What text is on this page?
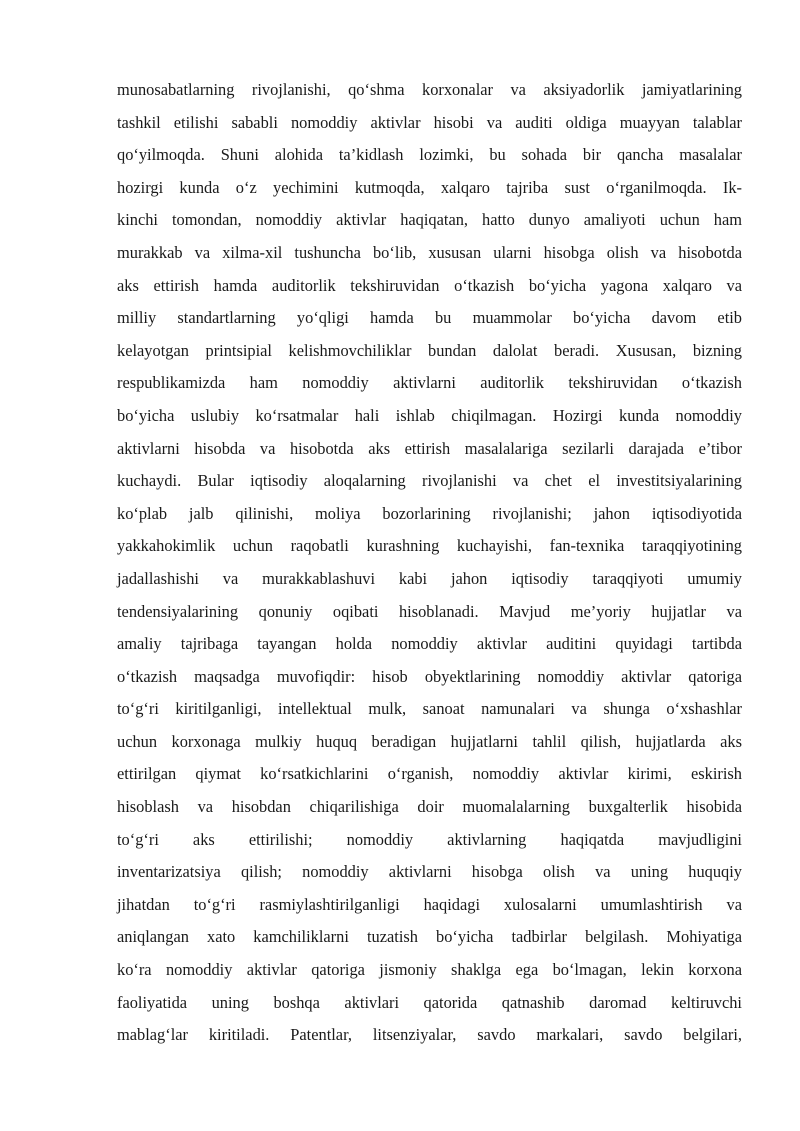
munosabatlarning rivojlanishi, qo‘shma korxonalar va aksiyadorlik jamiyatlarining
tashkil etilishi sababli nomoddiy aktivlar hisobi va auditi oldiga muayyan talablar
qo‘yilmoqda. Shuni alohida ta’kidlash lozimki, bu sohada bir qancha masalalar
hozirgi kunda o‘z yechimini kutmoqda, xalqaro tajriba sust o‘rganilmoqda. Ik-
kinchi tomondan, nomoddiy aktivlar haqiqatan, hatto dunyo amaliyoti uchun ham
murakkab va xilma-xil tushuncha bo‘lib, xususan ularni hisobga olish va hisobotda
aks ettirish hamda auditorlik tekshiruvidan o‘tkazish bo‘yicha yagona xalqaro va
milliy standartlarning yo‘qligi hamda bu muammolar bo‘yicha davom etib
kelayotgan printsipial kelishmovchiliklar bundan dalolat beradi. Xususan, bizning
respublikamizda ham nomoddiy aktivlarni auditorlik tekshiruvidan o‘tkazish
bo‘yicha uslubiy ko‘rsatmalar hali ishlab chiqilmagan. Hozirgi kunda nomoddiy
aktivlarni hisobda va hisobotda aks ettirish masalalariga sezilarli darajada e’tibor
kuchaydi. Bular iqtisodiy aloqalarning rivojlanishi va chet el investitsiyalarining
ko‘plab jalb qilinishi, moliya bozorlarining rivojlanishi; jahon iqtisodiyotida
yakkahokimlik uchun raqobatli kurashning kuchayishi, fan-texnika taraqqiyotining
jadallashishi va murakkablashuvi kabi jahon iqtisodiy taraqqiyoti umumiy
tendensiyalarining qonuniy oqibati hisoblanadi. Mavjud me’yoriy hujjatlar va
amaliy tajribaga tayangan holda nomoddiy aktivlar auditini quyidagi tartibda
o‘tkazish maqsadga muvofiqdir: hisob obyektlarining nomoddiy aktivlar qatoriga
to‘g‘ri kiritilganligi, intellektual mulk, sanoat namunalari va shunga o‘xshashlar
uchun korxonaga mulkiy huquq beradigan hujjatlarni tahlil qilish, hujjatlarda aks
ettirilgan qiymat ko‘rsatkichlarini o‘rganish, nomoddiy aktivlar kirimi, eskirish
hisoblash va hisobdan chiqarilishiga doir muomalalarning buxgalterlik hisobida
to‘g‘ri aks ettirilishi; nomoddiy aktivlarning haqiqatda mavjudligini
inventarizatsiya qilish; nomoddiy aktivlarni hisobga olish va uning huquqiy
jihatdan to‘g‘ri rasmiylashtirilganligi haqidagi xulosalarni umumlashtirish va
aniqlangan xato kamchiliklarni tuzatish bo‘yicha tadbirlar belgilash. Mohiyatiga
ko‘ra nomoddiy aktivlar qatoriga jismoniy shaklga ega bo‘lmagan, lekin korxona
faoliyatida uning boshqa aktivlari qatorida qatnashib daromad keltiruvchi
mablag‘lar kiritiladi. Patentlar, litsenziyalar, savdo markalari, savdo belgilari,
